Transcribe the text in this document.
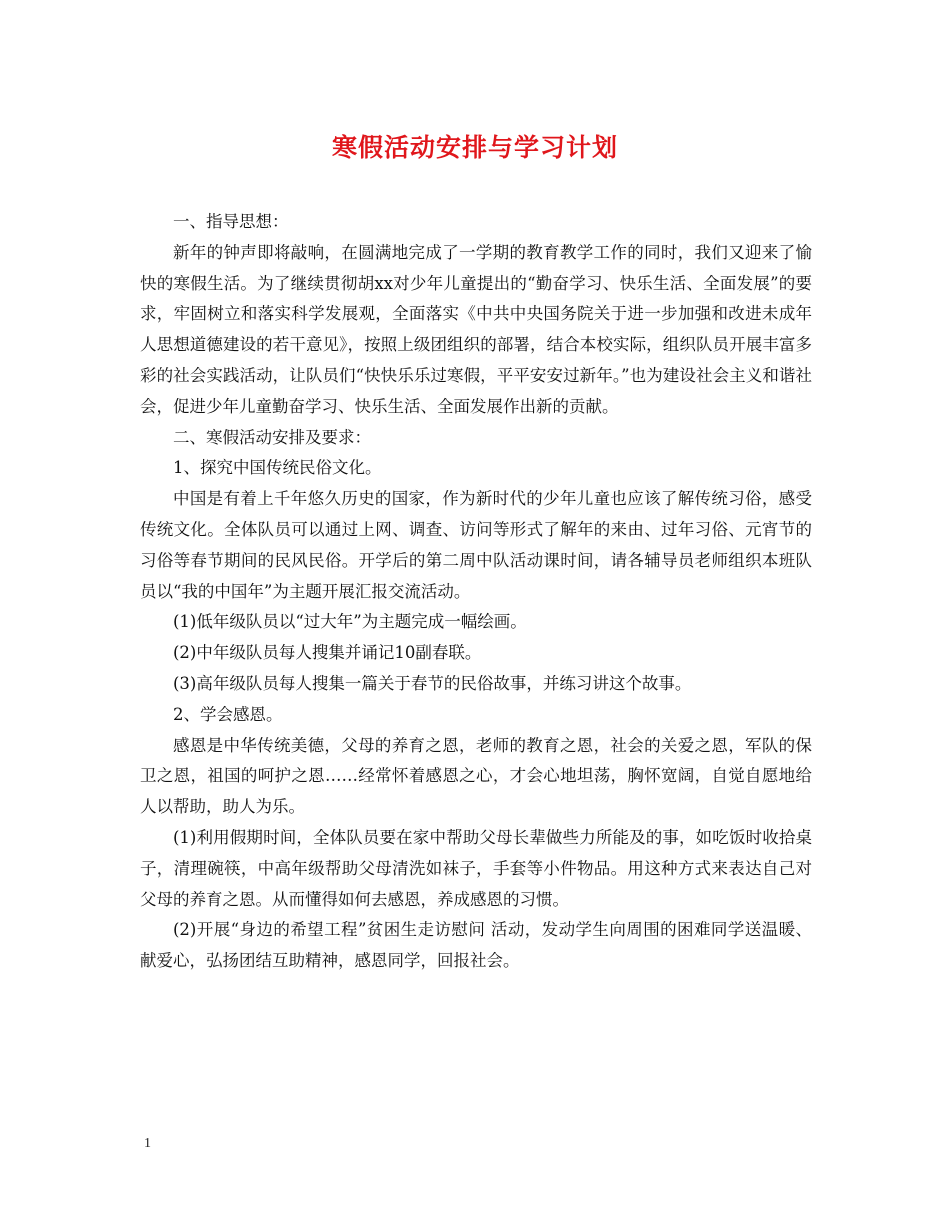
寒假活动安排与学习计划

一、指导思想：

新年的钟声即将敲响，在圆满地完成了一学期的教育教学工作的同时，我们又迎来了愉快的寒假生活。为了继续贯彻胡xx对少年儿童提出的“勤奋学习、快乐生活、全面发展”的要求，牢固树立和落实科学发展观，全面落实《中共中央国务院关于进一步加强和改进未成年人思想道德建设的若干意见》，按照上级团组织的部署，结合本校实际，组织队员开展丰富多彩的社会实践活动，让队员们“快快乐乐过寒假，平平安安过新年。”也为建设社会主义和谐社会，促进少年儿童勤奋学习、快乐生活、全面发展作出新的贡献。

二、寒假活动安排及要求：

1、探究中国传统民俗文化。

中国是有着上千年悠久历史的国家，作为新时代的少年儿童也应该了解传统习俗，感受传统文化。全体队员可以通过上网、调查、访问等形式了解年的来由、过年习俗、元宵节的习俗等春节期间的民风民俗。开学后的第二周中队活动课时间，请各辅导员老师组织本班队员以“我的中国年”为主题开展汇报交流活动。

(1)低年级队员以“过大年”为主题完成一幅绘画。

(2)中年级队员每人搜集并诵记10副春联。

(3)高年级队员每人搜集一篇关于春节的民俗故事，并练习讲这个故事。

2、学会感恩。

感恩是中华传统美德，父母的养育之恩，老师的教育之恩，社会的关爱之恩，军队的保卫之恩，祖国的呵护之恩……经常怀着感恩之心，才会心地坦荡，胸怀宽阔，自觉自愿地给人以帮助，助人为乐。

(1)利用假期时间，全体队员要在家中帮助父母长辈做些力所能及的事，如吃饭时收拾桌子，清理碗筷，中高年级帮助父母清洗如袜子，手套等小件物品。用这种方式来表达自己对父母的养育之恩。从而懂得如何去感恩，养成感恩的习惯。

(2)开展“身边的希望工程”贫困生走访慰问 活动，发动学生向周围的困难同学送温暖、献爱心，弘扬团结互助精神，感恩同学，回报社会。

1
